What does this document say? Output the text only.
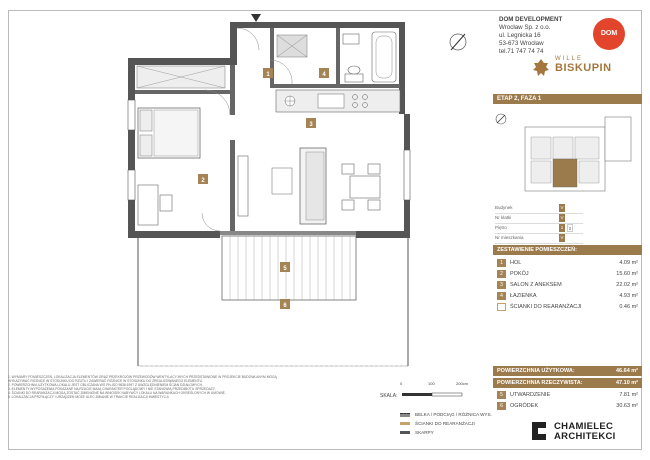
1
2
3
4
5
6
DOM DEVELOPMENT
Wrocław Sp. z o.o.
ul. Legnicka 16
53-673 Wrocław
tel.71 747 74 74
DOM
WILLE
BISKUPIN
ETAP 2, FAZA 1
Budynek	V
Nr klatki	V
Piętro	1	2
Nr mieszkania	V
ZESTAWIENIE POMIESZCZEŃ:
1	HOL	4.09 m²
2	POKÓJ	15.60 m²
3	SALON Z ANEKSEM	22.02 m²
4	ŁAZIENKA	4.93 m²
ŚCIANKI DO REARANŻACJI	0.46 m²
POWIERZCHNIA UŻYTKOWA:	46.64 m²
POWIERZCHNIA RZECZYWISTA:	47.10 m²
5	UTWARDZENIE	7.81 m²
6	OGRÓDEK	30.63 m²
1. WYMIARY POMIESZCZEŃ, LOKALIZACJA ELEMENTÓW ORAZ PRZEKROJÓW PRZEWODÓW WENTYLACYJNYCH PRZEDSTAWIONE W PROJEKCIE BUDOWLANYM MOGĄ
WYKAZYWAĆ RÓŻNICE W STOSUNKU DO RZUTU I ZAWIERAĆ RÓŻNICE W STOSUNKU DO ZREALIZOWANEGO ELEMENTU.
2. POWIERZCHNIA UŻYTKOWA LOKALU JEST OBLICZANA WG PN-ISO 9836:1997 Z UWZGLĘDNIENIEM ŚCIAN DZIAŁOWYCH.
3. ELEMENTY WYPOSAŻENIA POKAZANE NA RZUCIE MAJĄ CHARAKTER POGLĄDOWY I NIE STANOWIĄ PRZEDMIOTU SPRZEDAŻY.
4. ŚCIANKI DO REARANŻACJI MOGĄ ZOSTAĆ ZMIENIONE NA WNIOSEK NABYWCY LOKALU NA WARUNKACH OKREŚLONYCH W UMOWIE.
5. LOKALIZACJA PRZYŁĄCZY I URZĄDZEŃ MOŻE ULEC ZMIANIE W TRAKCIE REALIZACJI INWESTYCJI.	SKALA:
0	100	200cm
BELKA / PODCIĄG / RÓŻNICA WYS.
ŚCIANKI DO REARANŻACJI
SKARPY
CHAMIELEC
ARCHITEKCI
